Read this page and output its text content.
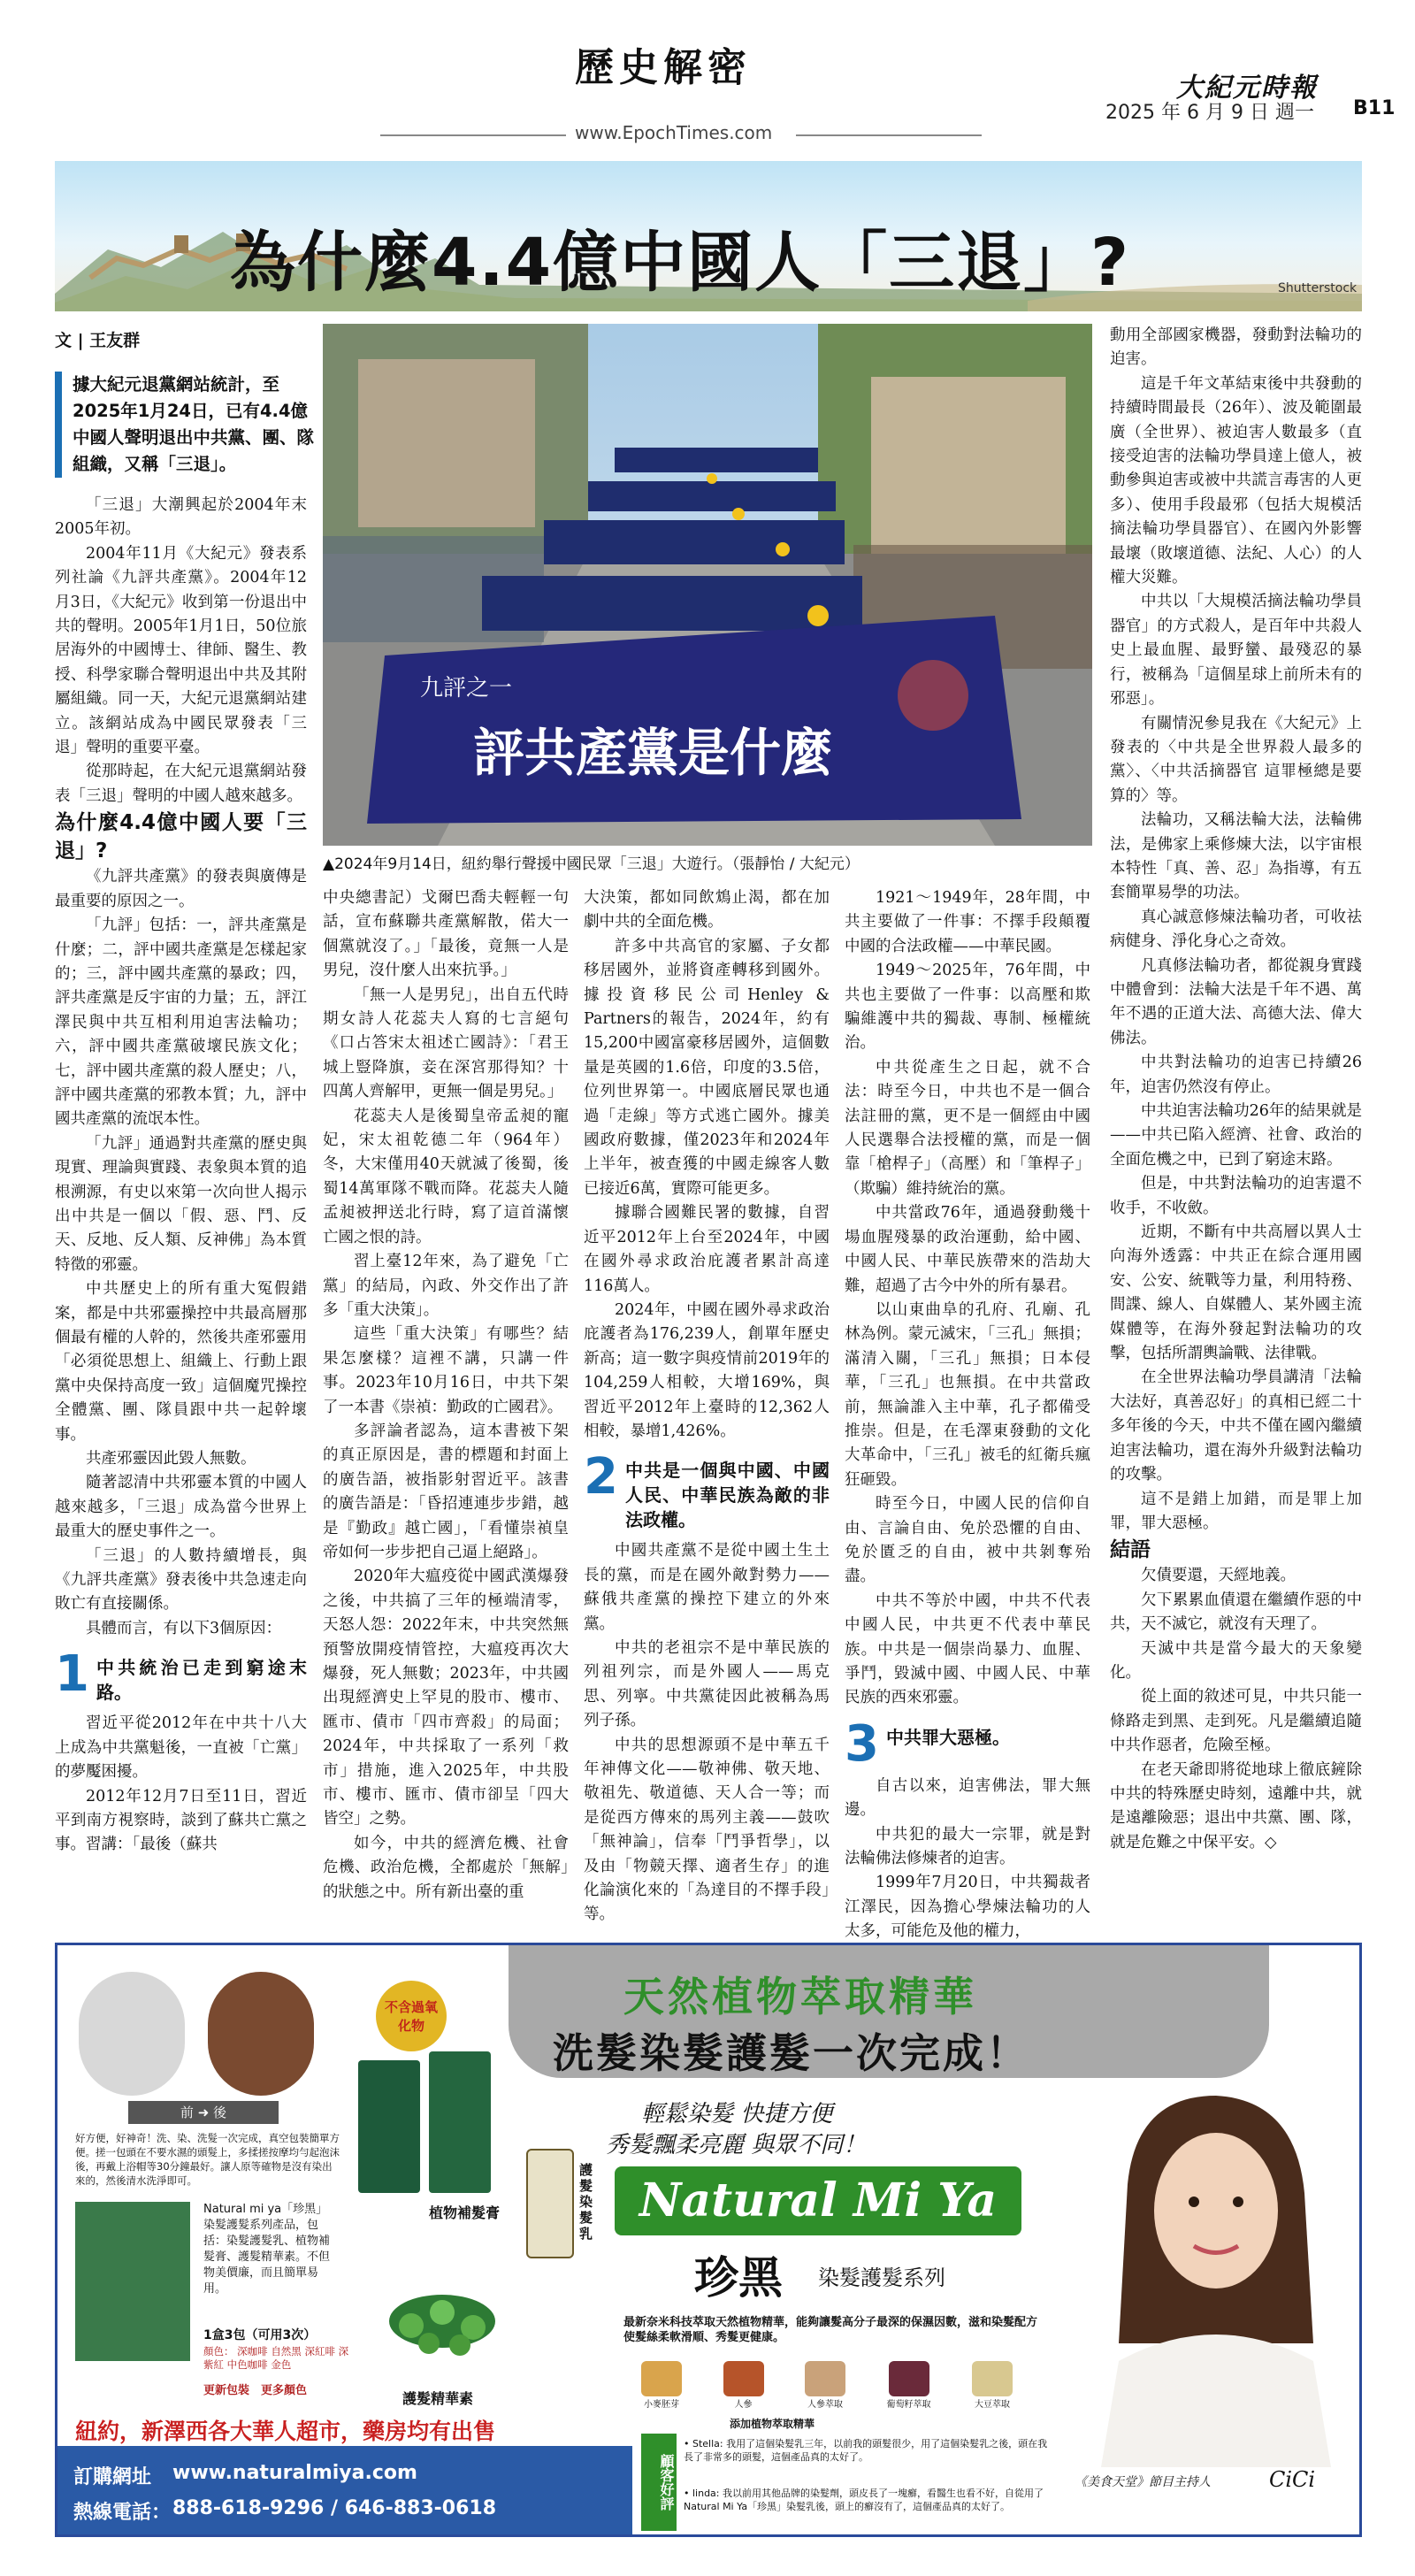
歷史解密
www.EpochTimes.com
大紀元時報
2025 年 6 月 9 日 週一 B11
為什麼4.4億中國人「三退」?	Shutterstock
文 | 王友群
據大紀元退黨網站統計，至2025年1月24日，已有4.4億中國人聲明退出中共黨、團、隊組織，又稱「三退」。

「三退」大潮興起於2004年末2005年初。

2004年11月《大紀元》發表系列社論《九評共產黨》。2004年12月3日，《大紀元》收到第一份退出中共的聲明。2005年1月1日，50位旅居海外的中國博士、律師、醫生、教授、科學家聯合聲明退出中共及其附屬組織。同一天，大紀元退黨網站建立。該網站成為中國民眾發表「三退」聲明的重要平臺。

從那時起，在大紀元退黨網站發表「三退」聲明的中國人越來越多。

為什麼4.4億中國人要「三退」?

《九評共產黨》的發表與廣傳是最重要的原因之一。

「九評」包括：一，評共產黨是什麼；二，評中國共產黨是怎樣起家的；三，評中國共產黨的暴政；四，評共產黨是反宇宙的力量；五，評江澤民與中共互相利用迫害法輪功；六，評中國共產黨破壞民族文化；七，評中國共產黨的殺人歷史；八，評中國共產黨的邪教本質；九，評中國共產黨的流氓本性。

「九評」通過對共產黨的歷史與現實、理論與實踐、表象與本質的追根溯源，有史以來第一次向世人揭示出中共是一個以「假、惡、鬥、反天、反地、反人類、反神佛」為本質特徵的邪靈。

中共歷史上的所有重大冤假錯案，都是中共邪靈操控中共最高層那個最有權的人幹的，然後共產邪靈用「必須從思想上、組織上、行動上跟黨中央保持高度一致」這個魔咒操控全體黨、團、隊員跟中共一起幹壞事。

共產邪靈因此毀人無數。

隨著認清中共邪靈本質的中國人越來越多，「三退」成為當今世界上最重大的歷史事件之一。

「三退」的人數持續增長，與《九評共產黨》發表後中共急速走向敗亡有直接關係。

具體而言，有以下3個原因：

1 中共統治已走到窮途末路。

習近平從2012年在中共十八大上成為中共黨魁後，一直被「亡黨」的夢魘困擾。

2012年12月7日至11日，習近平到南方視察時，談到了蘇共亡黨之事。習講：「最後（蘇共

九評之一
評共產黨是什麼
▲2024年9月14日，紐約舉行聲援中國民眾「三退」大遊行。（張靜怡 / 大紀元）

中央總書記）戈爾巴喬夫輕輕一句話，宣布蘇聯共產黨解散，偌大一個黨就沒了。」「最後，竟無一人是男兒，沒什麼人出來抗爭。」

「無一人是男兒」，出自五代時期女詩人花蕊夫人寫的七言絕句《口占答宋太祖述亡國詩》：「君王城上豎降旗，妾在深宮那得知？十四萬人齊解甲，更無一個是男兒。」

花蕊夫人是後蜀皇帝孟昶的寵妃，宋太祖乾德二年（964年）冬，大宋僅用40天就滅了後蜀，後蜀14萬軍隊不戰而降。花蕊夫人隨孟昶被押送北行時，寫了這首滿懷亡國之恨的詩。

習上臺12年來，為了避免「亡黨」的結局，內政、外交作出了許多「重大決策」。

這些「重大決策」有哪些？結果怎麼樣？這裡不講，只講一件事。2023年10月16日，中共下架了一本書《崇禎：勤政的亡國君》。

多評論者認為，這本書被下架的真正原因是，書的標題和封面上的廣告語，被指影射習近平。該書的廣告語是：「昏招連連步步錯，越是『勤政』越亡國」，「看懂崇禎皇帝如何一步步把自己逼上絕路」。

2020年大瘟疫從中國武漢爆發之後，中共搞了三年的極端清零，天怒人怨：2022年末，中共突然無預警放開疫情管控，大瘟疫再次大爆發，死人無數；2023年，中共國出現經濟史上罕見的股市、樓市、匯市、債市「四市齊殺」的局面；2024年，中共採取了一系列「救市」措施，進入2025年，中共股市、樓市、匯市、債市卻呈「四大皆空」之勢。

如今，中共的經濟危機、社會危機、政治危機，全都處於「無解」的狀態之中。所有新出臺的重

大決策，都如同飲鴆止渴，都在加劇中共的全面危機。

許多中共高官的家屬、子女都移居國外，並將資產轉移到國外。據投資移民公司Henley & Partners的報告，2024年，約有15,200中國富豪移居國外，這個數量是英國的1.6倍，印度的3.5倍，位列世界第一。中國底層民眾也通過「走線」等方式逃亡國外。據美國政府數據，僅2023年和2024年上半年，被查獲的中國走線客人數已接近6萬，實際可能更多。

據聯合國難民署的數據，自習近平2012年上台至2024年，中國在國外尋求政治庇護者累計高達116萬人。

2024年，中國在國外尋求政治庇護者為176,239人，創單年歷史新高；這一數字與疫情前2019年的104,259人相較，大增169%，與習近平2012年上臺時的12,362人相較，暴增1,426%。

2 中共是一個與中國、中國人民、中華民族為敵的非法政權。

中國共產黨不是從中國土生土長的黨，而是在國外敵對勢力——蘇俄共產黨的操控下建立的外來黨。

中共的老祖宗不是中華民族的列祖列宗，而是外國人——馬克思、列寧。中共黨徒因此被稱為馬列子孫。

中共的思想源頭不是中華五千年神傳文化——敬神佛、敬天地、敬祖先、敬道德、天人合一等；而是從西方傳來的馬列主義——鼓吹「無神論」，信奉「鬥爭哲學」，以及由「物競天擇、適者生存」的進化論演化來的「為達目的不擇手段」等。

1921～1949年，28年間，中共主要做了一件事：不擇手段顛覆中國的合法政權——中華民國。

1949～2025年，76年間，中共也主要做了一件事：以高壓和欺騙維護中共的獨裁、專制、極權統治。

中共從產生之日起，就不合法：時至今日，中共也不是一個合法註冊的黨，更不是一個經由中國人民選舉合法授權的黨，而是一個靠「槍桿子」（高壓）和「筆桿子」（欺騙）維持統治的黨。

中共當政76年，通過發動幾十場血腥殘暴的政治運動，給中國、中國人民、中華民族帶來的浩劫大難，超過了古今中外的所有暴君。

以山東曲阜的孔府、孔廟、孔林為例。蒙元滅宋，「三孔」無損；滿清入關，「三孔」無損；日本侵華，「三孔」也無損。在中共當政前，無論誰入主中華，孔子都備受推崇。但是，在毛澤東發動的文化大革命中，「三孔」被毛的紅衛兵瘋狂砸毀。

時至今日，中國人民的信仰自由、言論自由、免於恐懼的自由、免於匱乏的自由，被中共剝奪殆盡。

中共不等於中國，中共不代表中國人民，中共更不代表中華民族。中共是一個崇尚暴力、血腥、爭鬥，毀滅中國、中國人民、中華民族的西來邪靈。

3 中共罪大惡極。

自古以來，迫害佛法，罪大無邊。

中共犯的最大一宗罪，就是對法輪佛法修煉者的迫害。

1999年7月20日，中共獨裁者江澤民，因為擔心學煉法輪功的人太多，可能危及他的權力，

動用全部國家機器，發動對法輪功的迫害。

這是千年文革結束後中共發動的持續時間最長（26年）、波及範圍最廣（全世界）、被迫害人數最多（直接受迫害的法輪功學員達上億人，被動參與迫害或被中共謊言毒害的人更多）、使用手段最邪（包括大規模活摘法輪功學員器官）、在國內外影響最壞（敗壞道德、法紀、人心）的人權大災難。

中共以「大規模活摘法輪功學員器官」的方式殺人，是百年中共殺人史上最血腥、最野蠻、最殘忍的暴行，被稱為「這個星球上前所未有的邪惡」。

有關情況參見我在《大紀元》上發表的〈中共是全世界殺人最多的黨〉、〈中共活摘器官 這罪極總是要算的〉等。

法輪功，又稱法輪大法，法輪佛法，是佛家上乘修煉大法，以宇宙根本特性「真、善、忍」為指導，有五套簡單易學的功法。

真心誠意修煉法輪功者，可收祛病健身、淨化身心之奇效。

凡真修法輪功者，都從親身實踐中體會到：法輪大法是千年不遇、萬年不遇的正道大法、高德大法、偉大佛法。

中共對法輪功的迫害已持續26年，迫害仍然沒有停止。

中共迫害法輪功26年的結果就是——中共已陷入經濟、社會、政治的全面危機之中，已到了窮途末路。

但是，中共對法輪功的迫害還不收手，不收斂。

近期，不斷有中共高層以異人士向海外透露：中共正在綜合運用國安、公安、統戰等力量，利用特務、間諜、線人、自媒體人、某外國主流媒體等，在海外發起對法輪功的攻擊，包括所謂輿論戰、法律戰。

在全世界法輪功學員講清「法輪大法好，真善忍好」的真相已經二十多年後的今天，中共不僅在國內繼續迫害法輪功，還在海外升級對法輪功的攻擊。

這不是錯上加錯，而是罪上加罪，罪大惡極。

結語

欠債要還，天經地義。

欠下累累血債還在繼續作惡的中共，天不滅它，就沒有天理了。

天滅中共是當今最大的天象變化。

從上面的敘述可見，中共只能一條路走到黑、走到死。凡是繼續追隨中共作惡者，危險至極。

在老天爺即將從地球上徹底鏟除中共的特殊歷史時刻，遠離中共，就是遠離險惡；退出中共黨、團、隊，就是危難之中保平安。◇

天然植物萃取精華
洗髮染髮護髮一次完成！
前 ➜ 後
好方便，好神奇！洗、染、洗髮一次完成，真空包裝簡單方便。搓一包頭在不要水濕的頭髮上，多揉搓按摩均勻起泡沫後，再戴上浴帽等30分鐘最好。讓人原等確物是沒有染出來的，然後清水洗淨即可。
不含過氧化物
植物補髮膏
護髮染髮乳
護髮精華素
Natural mi ya「珍黑」染髮護髮系列產品，包括：染髮護髮乳、植物補髮膏、護髮精華素。不但物美價廉，而且簡單易用。
1盒3包（可用3次）
顏色： 深咖啡 自然黑 深紅啡 深紫紅 中色咖啡 金色
更新包裝　更多顏色
輕鬆染髮 快捷方便
秀髮飄柔亮麗 與眾不同！
Natural Mi Ya
珍黑 染髮護髮系列
最新奈米科技萃取天然植物精華，能夠讓髮高分子最深的保濕因數，滋和染髮配方使髮絲柔軟滑順、秀髮更健康。
小麥胚芽	人參	人參萃取	葡萄籽萃取	大豆萃取
添加植物萃取精華
顧客好評
• Stella: 我用了這個染髮乳三年，以前我的頭髮很少，用了這個染髮乳之後，頭在我長了非常多的頭髮，這個產品真的太好了。
• linda: 我以前用其他品牌的染髮劑，頭皮長了一塊癬，看醫生也看不好，自從用了Natural Mi Ya「珍黑」染髮乳後，頭上的癬沒有了，這個產品真的太好了。
《美食天堂》節目主持人	CiCi
紐約，新澤西各大華人超市，藥房均有出售
訂購網址 www.naturalmiya.com
熱線電話： 888-618-9296 / 646-883-0618
